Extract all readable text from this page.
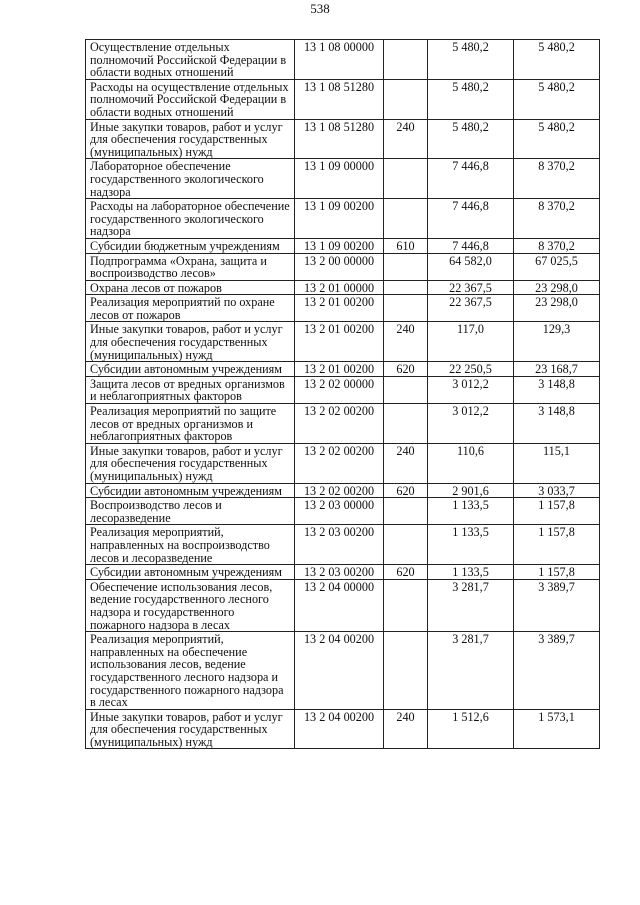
538
Осуществление отдельных полномочий Российской Федерации в области водных отношений	13 1 08 00000		5 480,2	5 480,2
Расходы на осуществление отдельных полномочий Российской Федерации в области водных отношений	13 1 08 51280		5 480,2	5 480,2
Иные закупки товаров, работ и услуг для обеспечения государственных (муниципальных) нужд	13 1 08 51280	240	5 480,2	5 480,2
Лабораторное обеспечение государственного экологического надзора	13 1 09 00000		7 446,8	8 370,2
Расходы на лабораторное обеспечение государственного экологического надзора	13 1 09 00200		7 446,8	8 370,2
Субсидии бюджетным учреждениям	13 1 09 00200	610	7 446,8	8 370,2
Подпрограмма «Охрана, защита и воспроизводство лесов»	13 2 00 00000		64 582,0	67 025,5
Охрана лесов от пожаров	13 2 01 00000		22 367,5	23 298,0
Реализация мероприятий по охране лесов от пожаров	13 2 01 00200		22 367,5	23 298,0
Иные закупки товаров, работ и услуг для обеспечения государственных (муниципальных) нужд	13 2 01 00200	240	117,0	129,3
Субсидии автономным учреждениям	13 2 01 00200	620	22 250,5	23 168,7
Защита лесов от вредных организмов и неблагоприятных факторов	13 2 02 00000		3 012,2	3 148,8
Реализация мероприятий по защите лесов от вредных организмов и неблагоприятных факторов	13 2 02 00200		3 012,2	3 148,8
Иные закупки товаров, работ и услуг для обеспечения государственных (муниципальных) нужд	13 2 02 00200	240	110,6	115,1
Субсидии автономным учреждениям	13 2 02 00200	620	2 901,6	3 033,7
Воспроизводство лесов и лесоразведение	13 2 03 00000		1 133,5	1 157,8
Реализация мероприятий, направленных на воспроизводство лесов и лесоразведение	13 2 03 00200		1 133,5	1 157,8
Субсидии автономным учреждениям	13 2 03 00200	620	1 133,5	1 157,8
Обеспечение использования лесов, ведение государственного лесного надзора и государственного пожарного надзора в лесах	13 2 04 00000		3 281,7	3 389,7
Реализация мероприятий, направленных на обеспечение использования лесов, ведение государственного лесного надзора и государственного пожарного надзора в лесах	13 2 04 00200		3 281,7	3 389,7
Иные закупки товаров, работ и услуг для обеспечения государственных (муниципальных) нужд	13 2 04 00200	240	1 512,6	1 573,1
